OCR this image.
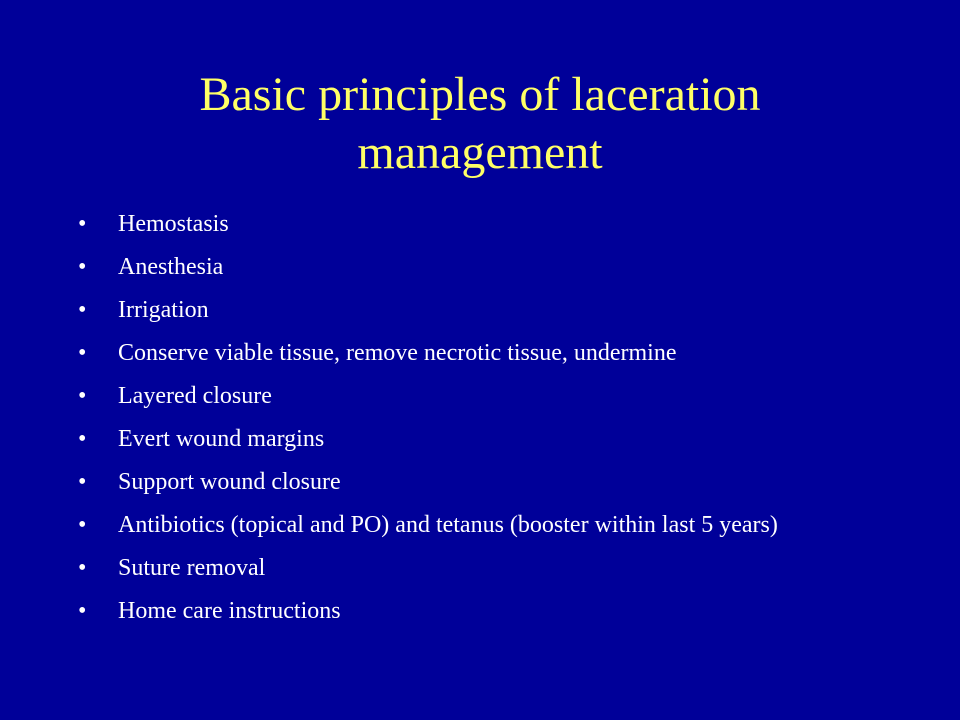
Basic principles of laceration management
•	Hemostasis
•	Anesthesia
•	Irrigation
•	Conserve viable tissue, remove necrotic tissue, undermine
•	Layered closure
•	Evert wound margins
•	Support wound closure
•	Antibiotics (topical and PO) and tetanus (booster within last 5 years)
•	Suture removal
•	Home care instructions
